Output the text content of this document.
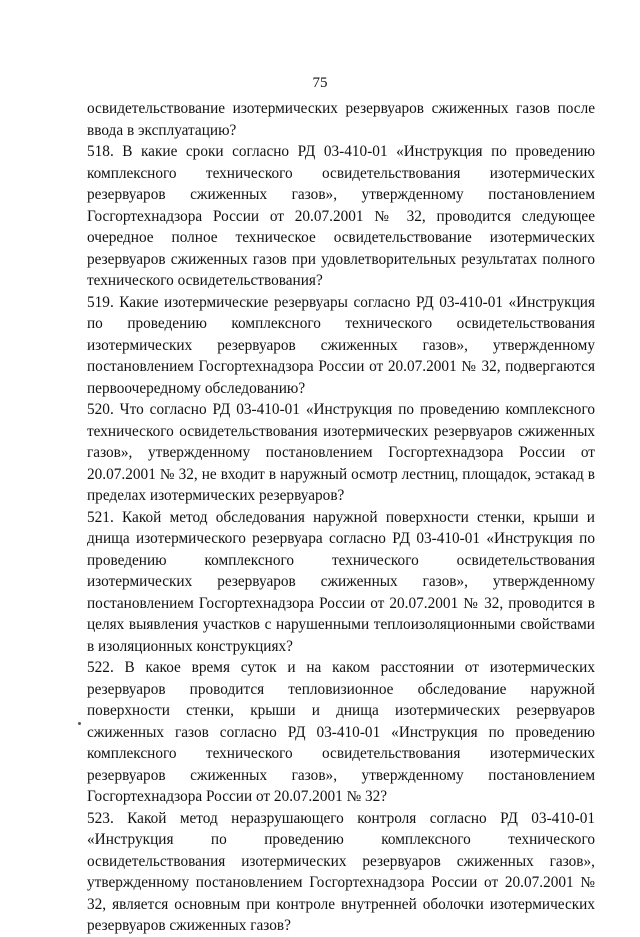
75

освидетельствование изотермических резервуаров сжиженных газов после ввода в эксплуатацию?

518. В какие сроки согласно РД 03-410-01 «Инструкция по проведению комплексного технического освидетельствования изотермических резервуаров сжиженных газов», утвержденному постановлением Госгортехнадзора России от 20.07.2001 № 32, проводится следующее очередное полное техническое освидетельствование изотермических резервуаров сжиженных газов при удовлетворительных результатах полного технического освидетельствования?

519. Какие изотермические резервуары согласно РД 03-410-01 «Инструкция по проведению комплексного технического освидетельствования изотермических резервуаров сжиженных газов», утвержденному постановлением Госгортехнадзора России от 20.07.2001 № 32, подвергаются первоочередному обследованию?

520. Что согласно РД 03-410-01 «Инструкция по проведению комплексного технического освидетельствования изотермических резервуаров сжиженных газов», утвержденному постановлением Госгортехнадзора России от 20.07.2001 № 32, не входит в наружный осмотр лестниц, площадок, эстакад в пределах изотермических резервуаров?

521. Какой метод обследования наружной поверхности стенки, крыши и днища изотермического резервуара согласно РД 03-410-01 «Инструкция по проведению комплексного технического освидетельствования изотермических резервуаров сжиженных газов», утвержденному постановлением Госгортехнадзора России от 20.07.2001 № 32, проводится в целях выявления участков с нарушенными теплоизоляционными свойствами в изоляционных конструкциях?

522. В какое время суток и на каком расстоянии от изотермических резервуаров проводится тепловизионное обследование наружной поверхности стенки, крыши и днища изотермических резервуаров сжиженных газов согласно РД 03-410-01 «Инструкция по проведению комплексного технического освидетельствования изотермических резервуаров сжиженных газов», утвержденному постановлением Госгортехнадзора России от 20.07.2001 № 32?

523. Какой метод неразрушающего контроля согласно РД 03-410-01 «Инструкция по проведению комплексного технического освидетельствования изотермических резервуаров сжиженных газов», утвержденному постановлением Госгортехнадзора России от 20.07.2001 № 32, является основным при контроле внутренней оболочки изотермических резервуаров сжиженных газов?
